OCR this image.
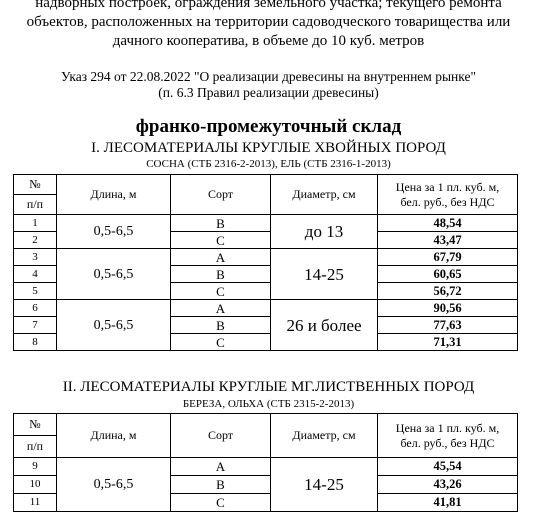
надворных построек, ограждения земельного участка; текущего ремонта
объектов, расположенных на территории садоводческого товарищества или
дачного кооператива, в объеме до 10 куб. метров
Указ 294 от 22.08.2022 "О реализации древесины на внутреннем рынке"
(п. 6.3 Правил реализации древесины)
франко-промежуточный склад
I. ЛЕСОМАТЕРИАЛЫ КРУГЛЫЕ ХВОЙНЫХ ПОРОД
СОСНА (СТБ 2316-2-2013), ЕЛЬ (СТБ 2316-1-2013)
№	Длина, м	Сорт	Диаметр, см	Цена за 1 пл. куб. м,
бел. руб., без НДС

п/п				
1	0,5-6,5	В	до 13	48,54
2		С		43,47
3	0,5-6,5	А	14-25	67,79
4		В		60,65
5		С		56,72
6	0,5-6,5	А	26 и более	90,56
7		В		77,63
8		С		71,31
II. ЛЕСОМАТЕРИАЛЫ КРУГЛЫЕ МГ.ЛИСТВЕННЫХ ПОРОД
БЕРЕЗА, ОЛЬХА (СТБ 2315-2-2013)
№	Длина, м	Сорт	Диаметр, см	Цена за 1 пл. куб. м,
бел. руб., без НДС

п/п				
9	0,5-6,5	А	14-25	45,54
10		В		43,26
11		С		41,81
